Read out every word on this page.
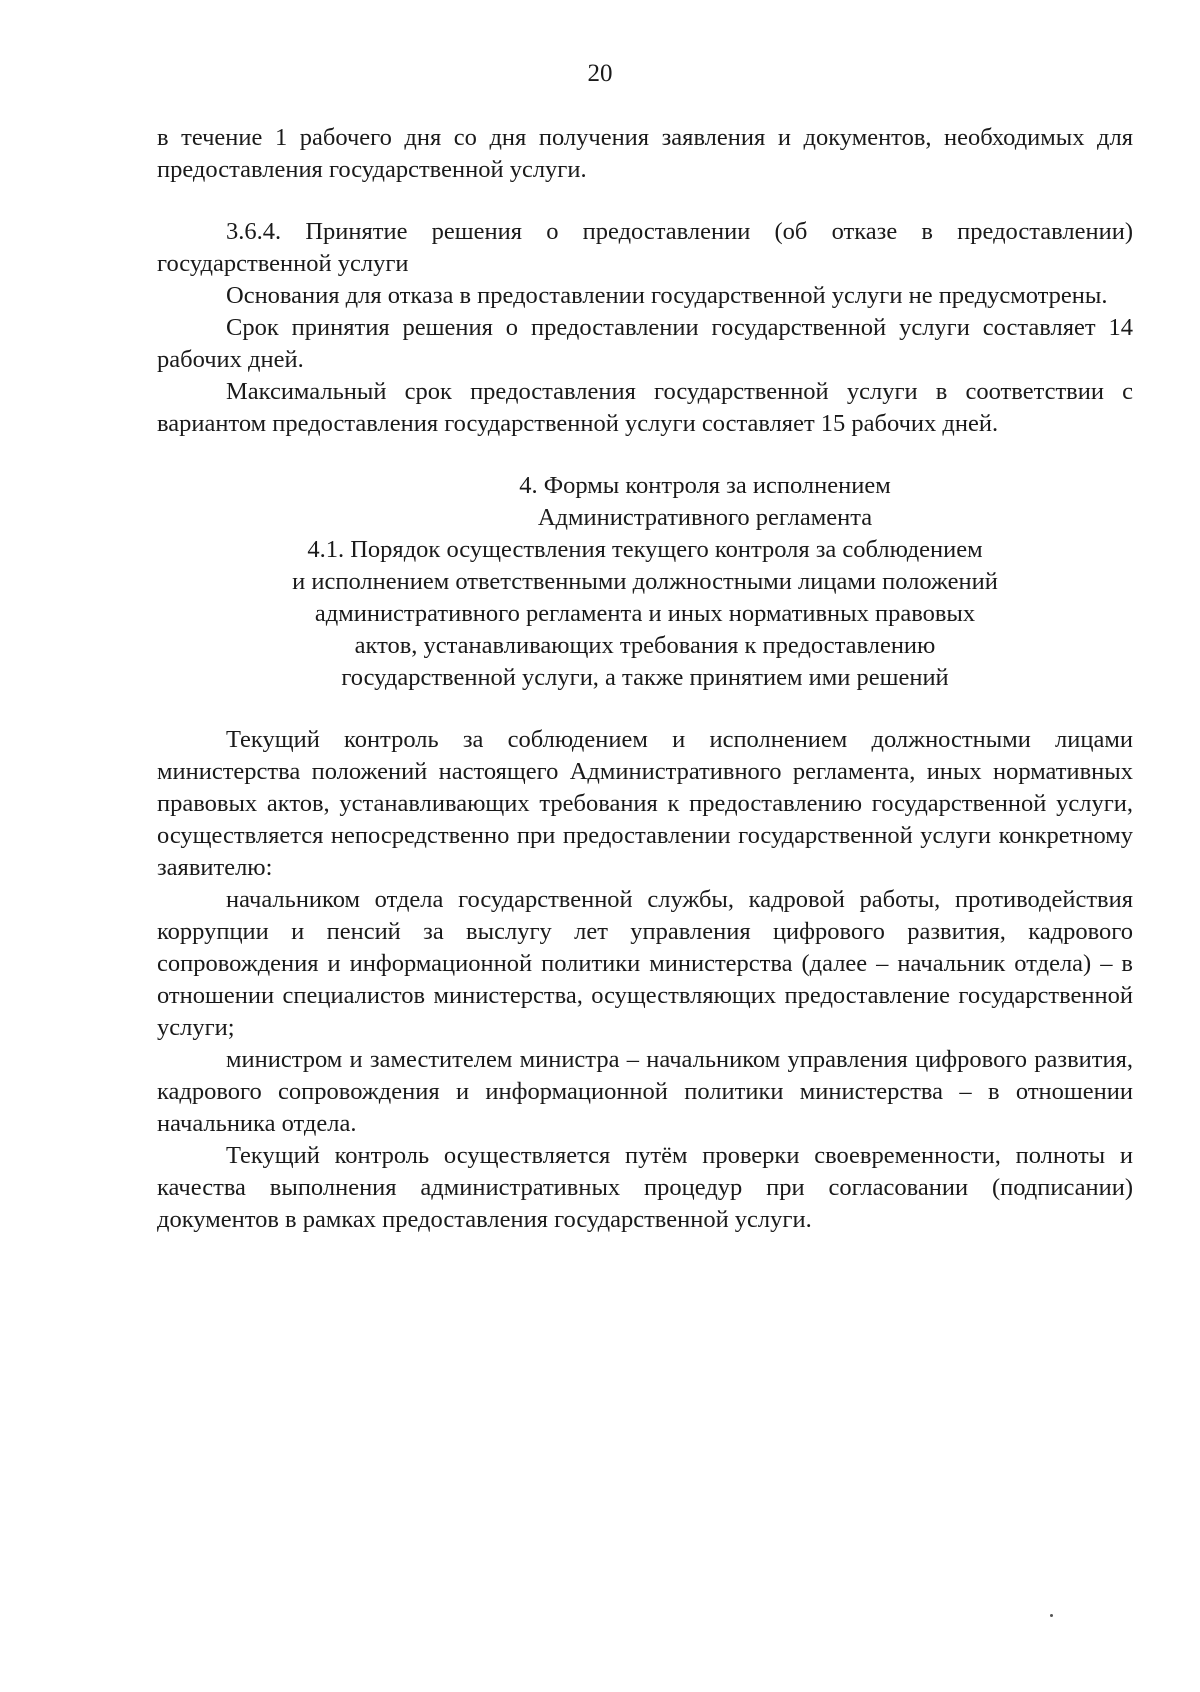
20

в течение 1 рабочего дня со дня получения заявления и документов, необходимых для предоставления государственной услуги.

3.6.4. Принятие решения о предоставлении (об отказе в предоставлении) государственной услуги

Основания для отказа в предоставлении государственной услуги не предусмотрены.

Срок принятия решения о предоставлении государственной услуги составляет 14 рабочих дней.

Максимальный срок предоставления государственной услуги в соответствии с вариантом предоставления государственной услуги составляет 15 рабочих дней.

4. Формы контроля за исполнением

Административного регламента

4.1. Порядок осуществления текущего контроля за соблюдением

и исполнением ответственными должностными лицами положений

административного регламента и иных нормативных правовых

актов, устанавливающих требования к предоставлению

государственной услуги, а также принятием ими решений

Текущий контроль за соблюдением и исполнением должностными лицами министерства положений настоящего Административного регламента, иных нормативных правовых актов, устанавливающих требования к предоставлению государственной услуги, осуществляется непосредственно при предоставлении государственной услуги конкретному заявителю:

начальником отдела государственной службы, кадровой работы, противодействия коррупции и пенсий за выслугу лет управления цифрового развития, кадрового сопровождения и информационной политики министерства (далее – начальник отдела) – в отношении специалистов министерства, осуществляющих предоставление государственной услуги;

министром и заместителем министра – начальником управления цифрового развития, кадрового сопровождения и информационной политики министерства – в отношении начальника отдела.

Текущий контроль осуществляется путём проверки своевременности, полноты и качества выполнения административных процедур при согласовании (подписании) документов в рамках предоставления государственной услуги.
